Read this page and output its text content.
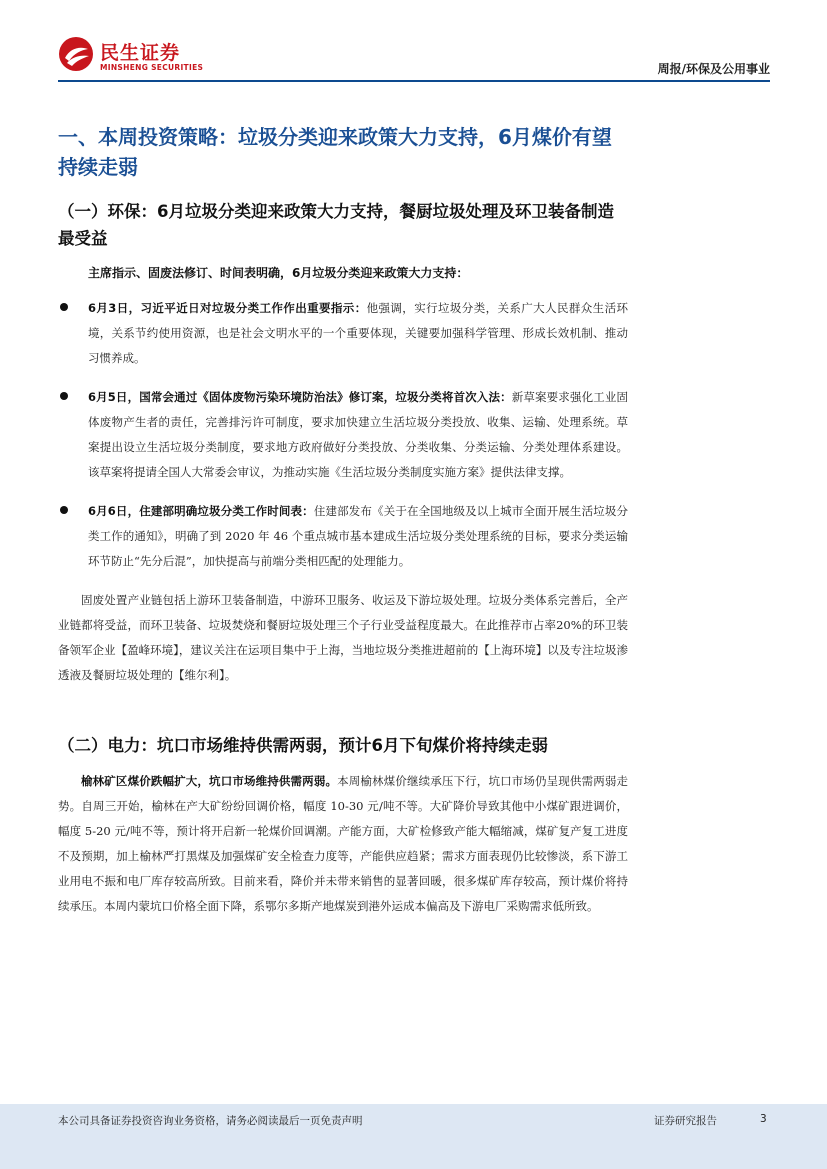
民生证券
MINSHENG SECURITIES	周报/环保及公用事业
一、本周投资策略：垃圾分类迎来政策大力支持，6月煤价有望持续走弱
（一）环保：6月垃圾分类迎来政策大力支持，餐厨垃圾处理及环卫装备制造最受益

主席指示、固废法修订、时间表明确，6月垃圾分类迎来政策大力支持：

6月3日，习近平近日对垃圾分类工作作出重要指示：他强调，实行垃圾分类，关系广大人民群众生活环境，关系节约使用资源，也是社会文明水平的一个重要体现，关键要加强科学管理、形成长效机制、推动习惯养成。

6月5日，国常会通过《固体废物污染环境防治法》修订案，垃圾分类将首次入法：新草案要求强化工业固体废物产生者的责任，完善排污许可制度，要求加快建立生活垃圾分类投放、收集、运输、处理系统。草案提出设立生活垃圾分类制度，要求地方政府做好分类投放、分类收集、分类运输、分类处理体系建设。该草案将提请全国人大常委会审议，为推动实施《生活垃圾分类制度实施方案》提供法律支撑。

6月6日，住建部明确垃圾分类工作时间表：住建部发布《关于在全国地级及以上城市全面开展生活垃圾分类工作的通知》，明确了到 2020 年 46 个重点城市基本建成生活垃圾分类处理系统的目标，要求分类运输环节防止“先分后混”，加快提高与前端分类相匹配的处理能力。

固废处置产业链包括上游环卫装备制造，中游环卫服务、收运及下游垃圾处理。垃圾分类体系完善后，全产业链都将受益，而环卫装备、垃圾焚烧和餐厨垃圾处理三个子行业受益程度最大。在此推荐市占率20%的环卫装备领军企业【盈峰环境】，建议关注在运项目集中于上海，当地垃圾分类推进超前的【上海环境】以及专注垃圾渗透液及餐厨垃圾处理的【维尔利】。

（二）电力：坑口市场维持供需两弱，预计6月下旬煤价将持续走弱

榆林矿区煤价跌幅扩大，坑口市场维持供需两弱。本周榆林煤价继续承压下行，坑口市场仍呈现供需两弱走势。自周三开始，榆林在产大矿纷纷回调价格，幅度 10-30 元/吨不等。大矿降价导致其他中小煤矿跟进调价，幅度 5-20 元/吨不等，预计将开启新一轮煤价回调潮。产能方面，大矿检修致产能大幅缩减，煤矿复产复工进度不及预期，加上榆林严打黑煤及加强煤矿安全检查力度等，产能供应趋紧；需求方面表现仍比较惨淡，系下游工业用电不振和电厂库存较高所致。目前来看，降价并未带来销售的显著回暖，很多煤矿库存较高，预计煤价将持续承压。本周内蒙坑口价格全面下降，系鄂尔多斯产地煤炭到港外运成本偏高及下游电厂采购需求低所致。

本公司具备证券投资咨询业务资格，请务必阅读最后一页免责声明	证券研究报告	3
